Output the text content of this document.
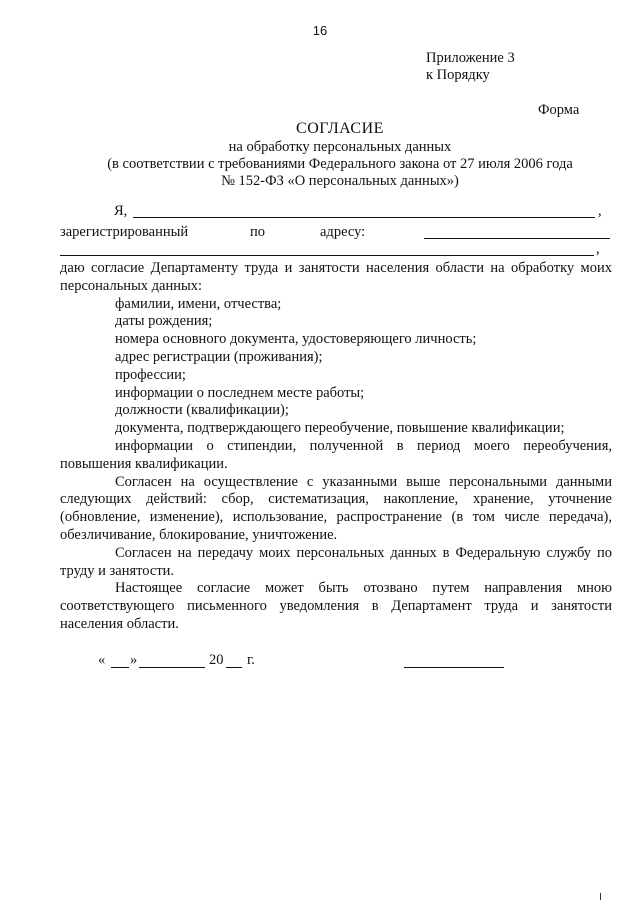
16
Приложение 3
к Порядку
Форма
СОГЛАСИЕ
на обработку персональных данных
(в соответствии с требованиями Федерального закона от 27 июля 2006 года
№ 152-ФЗ «О персональных данных»)
Я,	,
зарегистрированный	по	адресу:
,

даю согласие Департаменту труда и занятости населения области на обработку моих персональных данных:

фамилии, имени, отчества;

даты рождения;

номера основного документа, удостоверяющего личность;

адрес регистрации (проживания);

профессии;

информации о последнем месте работы;

должности (квалификации);

документа, подтверждающего переобучение, повышение квалификации;

информации о стипендии, полученной в период моего переобучения, повышения квалификации.

Согласен на осуществление с указанными выше персональными данными следующих действий: сбор, систематизация, накопление, хранение, уточнение (обновление, изменение), использование, распространение (в том числе передача), обезличивание, блокирование, уничтожение.

Согласен на передачу моих персональных данных в Федеральную службу по труду и занятости.

Настоящее согласие может быть отозвано путем направления мною соответствующего письменного уведомления в Департамент труда и занятости населения области.

« »	20 г.
